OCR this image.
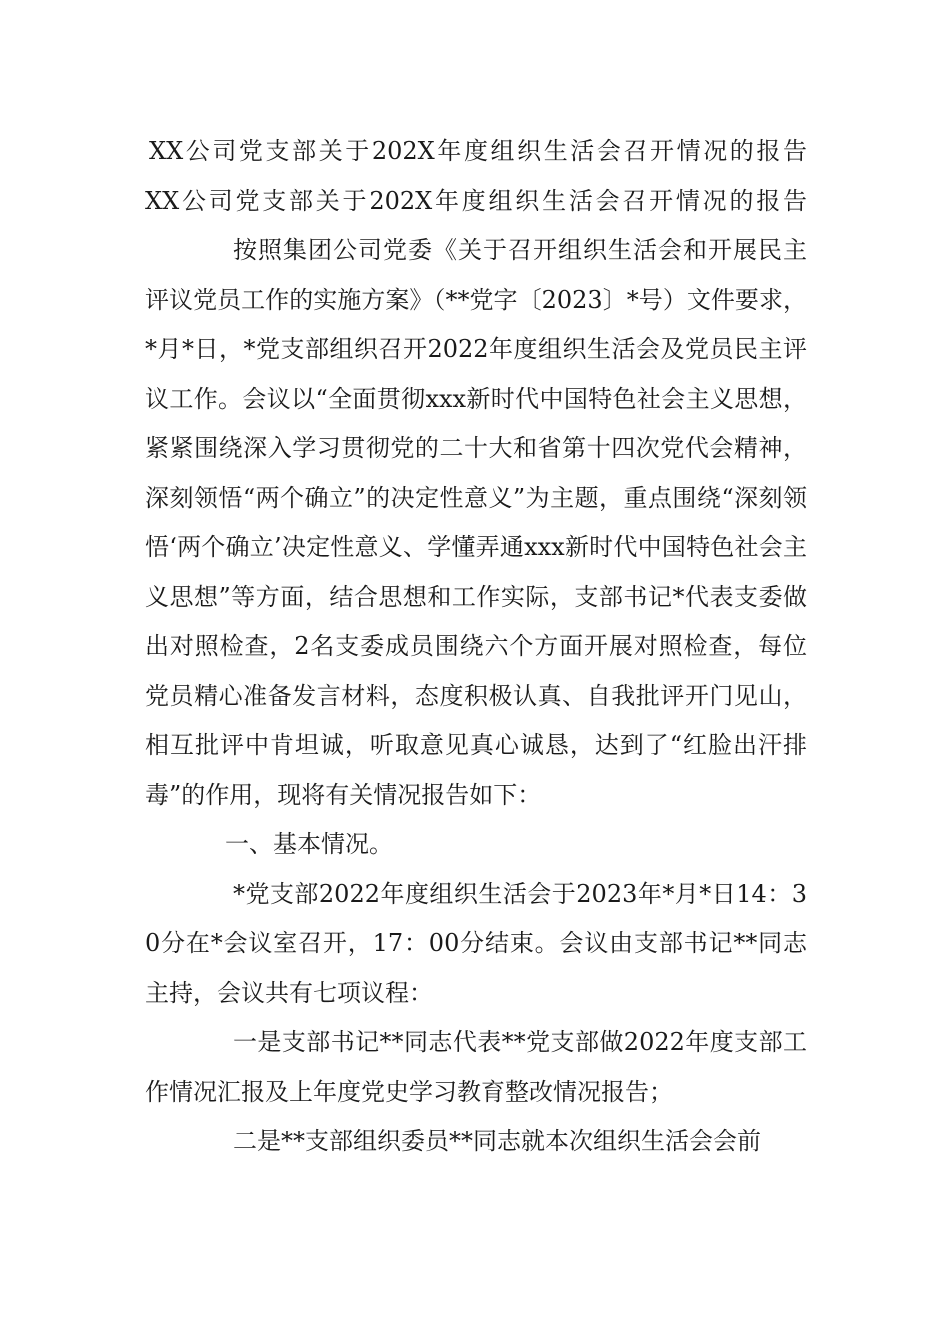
XX公司党支部关于202X年度组织生活会召开情况的报告
XX公司党支部关于202X年度组织生活会召开情况的报告

按照集团公司党委《关于召开组织生活会和开展民主评议党员工作的实施方案》（**党字〔2023〕*号）文件要求，*月*日，*党支部组织召开2022年度组织生活会及党员民主评议工作。会议以“全面贯彻xxx新时代中国特色社会主义思想，紧紧围绕深入学习贯彻党的二十大和省第十四次党代会精神，深刻领悟“两个确立”的决定性意义”为主题，重点围绕“深刻领悟‘两个确立’决定性意义、学懂弄通xxx新时代中国特色社会主义思想”等方面，结合思想和工作实际，支部书记*代表支委做出对照检查，2名支委成员围绕六个方面开展对照检查，每位党员精心准备发言材料，态度积极认真、自我批评开门见山，相互批评中肯坦诚，听取意见真心诚恳，达到了“红脸出汗排毒”的作用，现将有关情况报告如下：

一、基本情况。

*党支部2022年度组织生活会于2023年*月*日14：30分在*会议室召开，17：00分结束。会议由支部书记**同志主持，会议共有七项议程：

一是支部书记**同志代表**党支部做2022年度支部工作情况汇报及上年度党史学习教育整改情况报告；

二是**支部组织委员**同志就本次组织生活会会前
